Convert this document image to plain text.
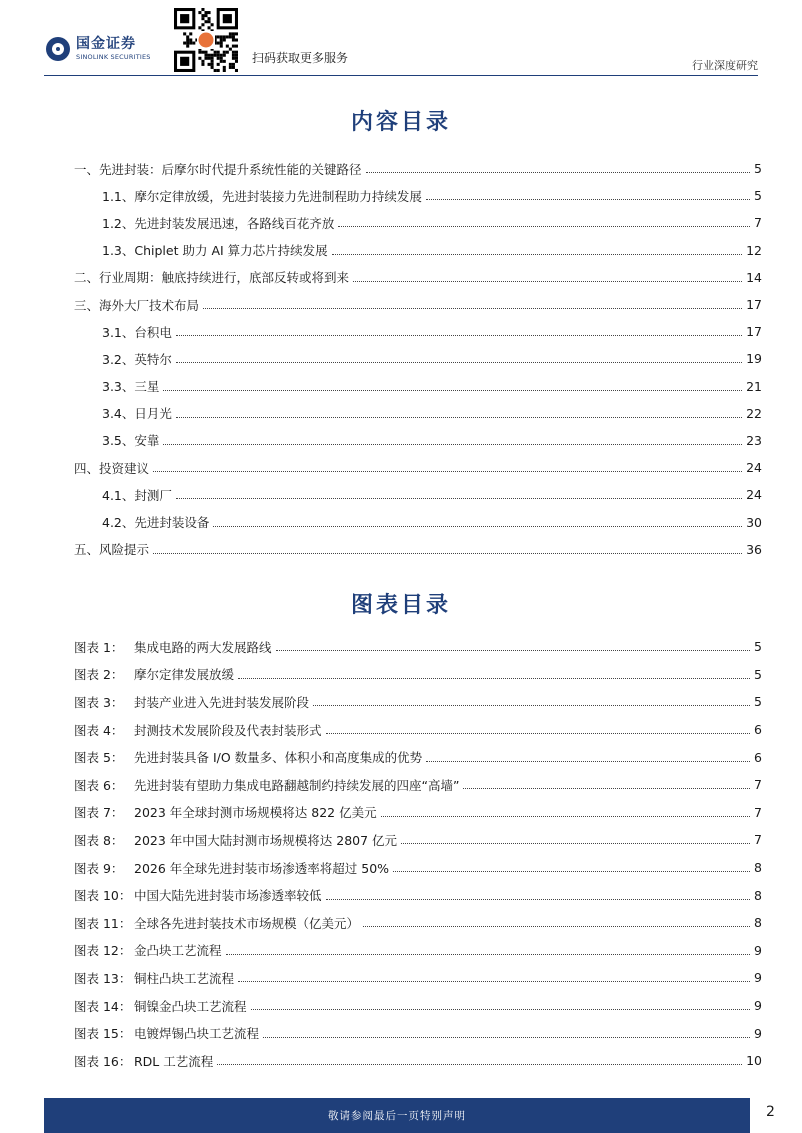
国金证券
SINOLINK SECURITIES	扫码获取更多服务
行业深度研究
内容目录
一、先进封装：后摩尔时代提升系统性能的关键路径	5
1.1、摩尔定律放缓，先进封装接力先进制程助力持续发展	5
1.2、先进封装发展迅速，各路线百花齐放	7
1.3、Chiplet 助力 AI 算力芯片持续发展	12
二、行业周期：触底持续进行，底部反转或将到来	14
三、海外大厂技术布局	17
3.1、台积电	17
3.2、英特尔	19
3.3、三星	21
3.4、日月光	22
3.5、安靠	23
四、投资建议	24
4.1、封测厂	24
4.2、先进封装设备	30
五、风险提示	36
图表目录
图表 1： 集成电路的两大发展路线	5
图表 2： 摩尔定律发展放缓	5
图表 3： 封装产业进入先进封装发展阶段	5
图表 4： 封测技术发展阶段及代表封装形式	6
图表 5： 先进封装具备 I/O 数量多、体积小和高度集成的优势	6
图表 6： 先进封装有望助力集成电路翻越制约持续发展的四座“高墙”	7
图表 7： 2023 年全球封测市场规模将达 822 亿美元	7
图表 8： 2023 年中国大陆封测市场规模将达 2807 亿元	7
图表 9： 2026 年全球先进封装市场渗透率将超过 50%	8
图表 10： 中国大陆先进封装市场渗透率较低	8
图表 11： 全球各先进封装技术市场规模（亿美元）	8
图表 12： 金凸块工艺流程	9
图表 13： 铜柱凸块工艺流程	9
图表 14： 铜镍金凸块工艺流程	9
图表 15： 电镀焊锡凸块工艺流程	9
图表 16： RDL 工艺流程	10
敬请参阅最后一页特别声明	2
